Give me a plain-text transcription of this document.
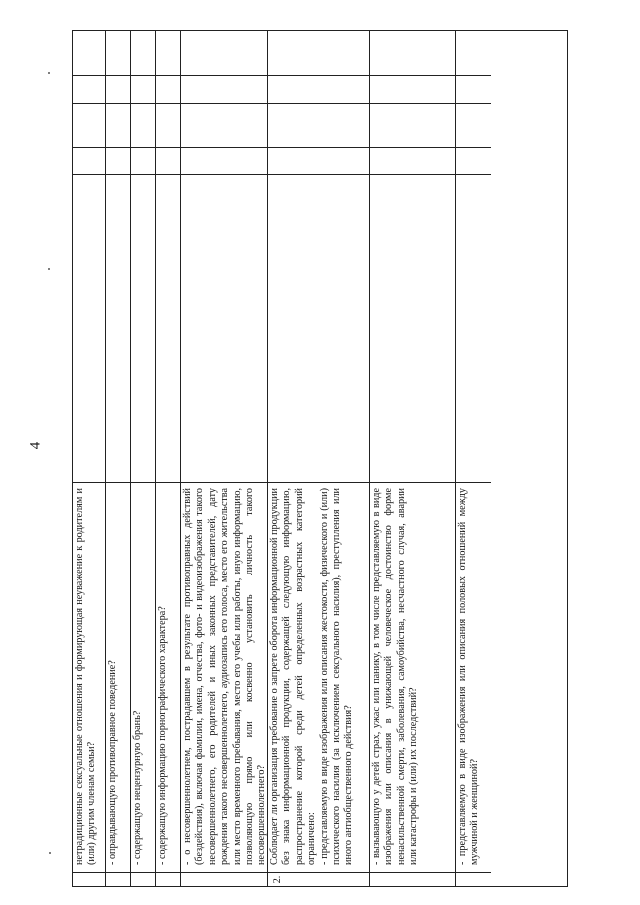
4

нетрадиционные сексуальные отношения и формирующая неуважение к родителям и (или) другим членам семьи? - оправдывающую противоправное поведение? - содержащую нецензурную брань? - содержащую информацию порнографического характера? - о несовершеннолетнем, пострадавшем в результате противоправных действий (бездействия), включая фамилии, имена, отчества, фото- и видеоизображения такого несовершеннолетнего, его родителей и иных законных представителей, дату рождения такого несовершеннолетнего, аудиозапись его голоса, место его жительства или место временного пребывания, место его учебы или работы, иную информацию, позволяющую прямо или косвенно установить личность такого несовершеннолетнего?

2.

Соблюдает ли организация требование о запрете оборота информационной продукции без знака информационной продукции, содержащей следующую информацию, распространение которой среди детей определенных возрастных категорий ограничено: - представляемую в виде изображения или описания жестокости, физического и (или) психического насилия (за исключением сексуального насилия), преступления или иного антиобщественного действия? - вызывающую у детей страх, ужас или панику, в том числе представляемую в виде изображения или описания в унижающей человеческое достоинство форме ненасильственной смерти, заболевания, самоубийства, несчастного случая, аварии или катастрофы и (или) их последствий?	- представляемую в виде изображения или описания половых отношений между мужчиной и женщиной?
